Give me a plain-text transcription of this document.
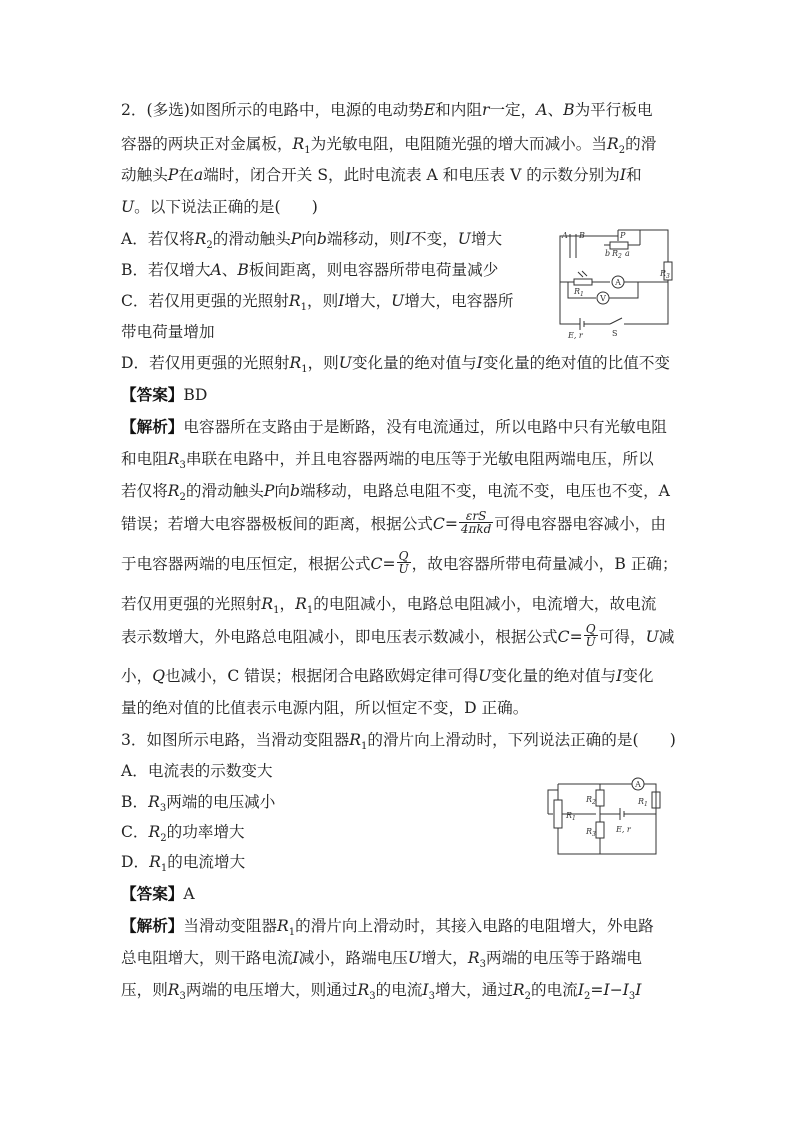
2．(多选)如图所示的电路中，电源的电动势E和内阻r一定，A、B为平行板电
容器的两块正对金属板，$R_1$为光敏电阻，电阻随光强的增大而减小。当$R_2$的滑
动触头P在a端时，闭合开关 S，此时电流表 A 和电压表 V 的示数分别为I和
U。以下说法正确的是(　　)
A．若仅将$R_2$的滑动触头P向b端移动，则I不变，U增大
B．若仅增大A、B板间距离，则电容器所带电荷量减少
C．若仅用更强的光照射$R_1$，则I增大，U增大，电容器所
带电荷量增加
D．若仅用更强的光照射$R_1$，则U变化量的绝对值与I变化量的绝对值的比值不变
【答案】BD
【解析】电容器所在支路由于是断路，没有电流通过，所以电路中只有光敏电阻
和电阻$R_3$串联在电路中，并且电容器两端的电压等于光敏电阻两端电压，所以
若仅将$R_2$的滑动触头P向b端移动，电路总电阻不变，电流不变，电压也不变，A
错误；若增大电容器极板间的距离，根据公式$C= \frac{\text{εrS}}{\text{4πkd}}$ 可得电容器电容减小，由
于电容器两端的电压恒定，根据公式$C= \frac{Q}{U}$ ，故电容器所带电荷量减小，B 正确；
若仅用更强的光照射$R_1$，$R_1$的电阻减小，电路总电阻减小，电流增大，故电流
表示数增大，外电路总电阻减小，即电压表示数减小，根据公式$C= \frac{Q}{U}$ 可得，U减
小，Q也减小，C 错误；根据闭合电路欧姆定律可得U变化量的绝对值与I变化
量的绝对值的比值表示电源内阻，所以恒定不变，D 正确。
3．如图所示电路，当滑动变阻器$R_1$的滑片向上滑动时，下列说法正确的是(　　)
A．电流表的示数变大
B．$R_3$两端的电压减小
C．$R_2$的功率增大
D．$R_1$的电流增大
【答案】A
【解析】当滑动变阻器$R_1$的滑片向上滑动时，其接入电路的电阻增大，外电路
总电阻增大，则干路电流I减小，路端电压U增大，$R_3$两端的电压等于路端电
压，则$R_3$两端的电压增大，则通过$R_3$的电流$I_3$增大，通过$R_2$的电流$I_2=I-I_3I$
A B	P
b $R_2$ a
$R_3$
$R_1$
E, r	S
A
V
$R_1$
$R_2$
$R_3$
$R_1$
E, r
A
